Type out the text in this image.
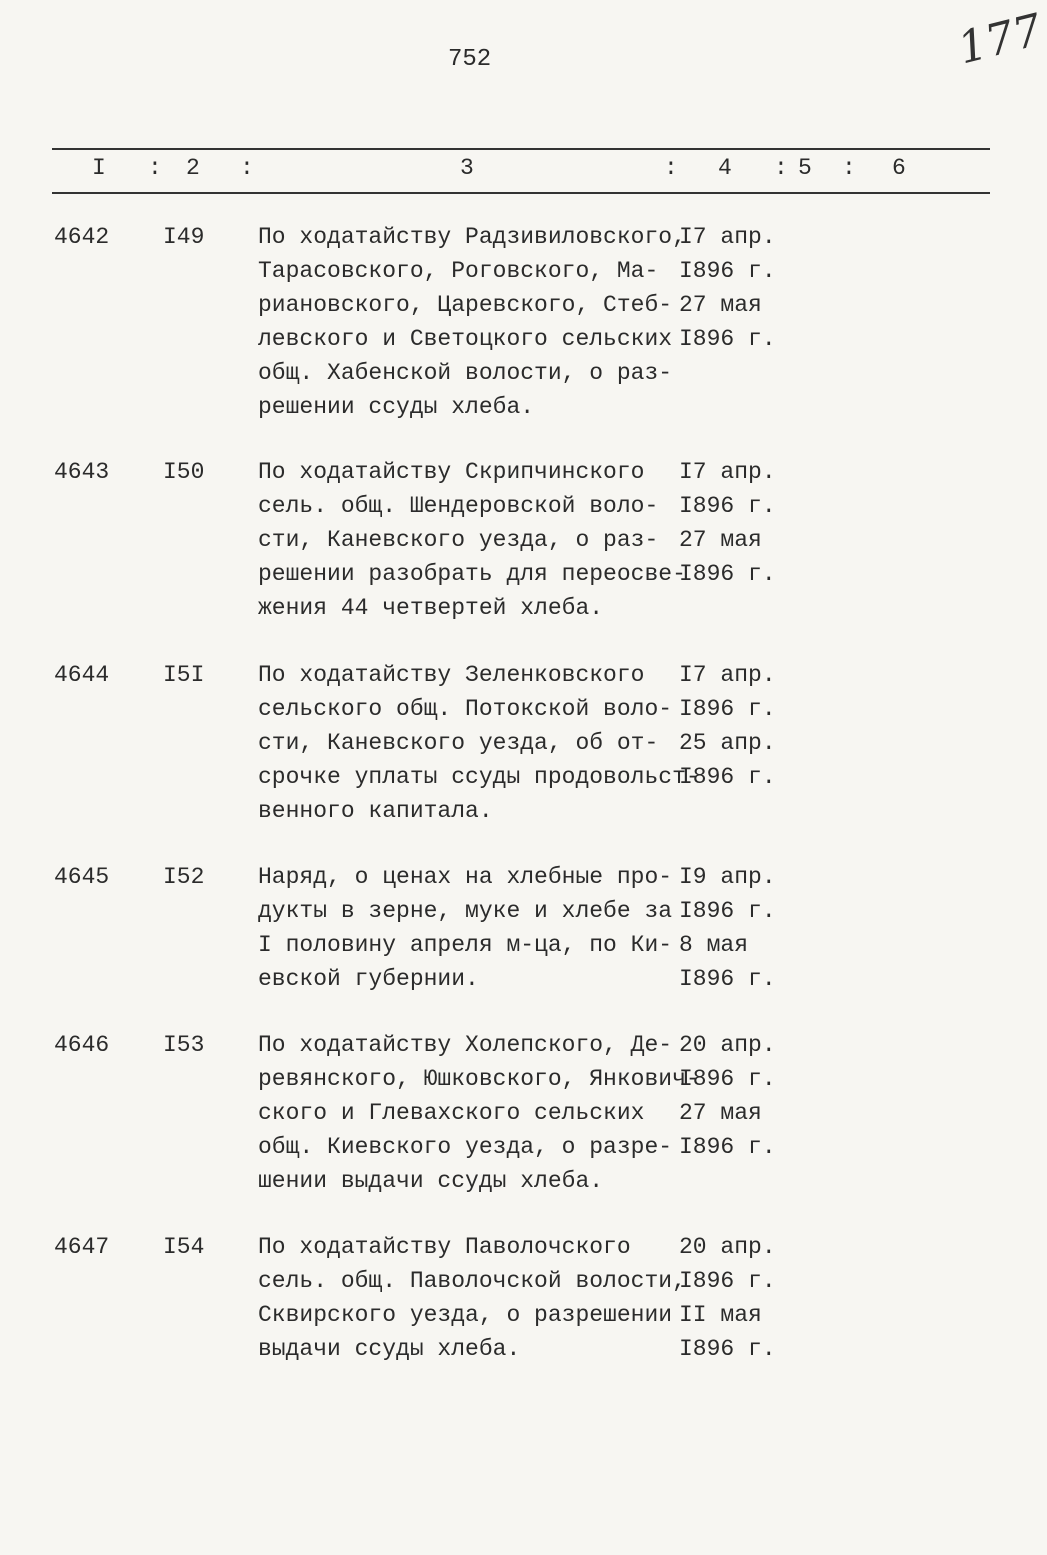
752	177
I : 2 :	3	: 4 : 5 : 6
4642 I49 По ходатайству Радзивиловского,
Тарасовского, Роговского, Ма-
риановского, Царевского, Стеб-
левского и Светоцкого сельских
общ. Хабенской волости, о раз-
решении ссуды хлеба.
I7 апр.
I896 г.
27 мая
I896 г.
4643 I50 По ходатайству Скрипчинского
сель. общ. Шендеровской воло-
сти, Каневского уезда, о раз-
решении разобрать для переосве-
жения 44 четвертей хлеба.
I7 апр.
I896 г.
27 мая
I896 г.
4644 I5I По ходатайству Зеленковского
сельского общ. Потокской воло-
сти, Каневского уезда, об от-
срочке уплаты ссуды продовольст-
венного капитала.
I7 апр.
I896 г.
25 апр.
I896 г.
4645 I52 Наряд, о ценах на хлебные про-
дукты в зерне, муке и хлебе за
I половину апреля м-ца, по Ки-
евской губернии.
I9 апр.
I896 г.
8 мая
I896 г.
4646 I53 По ходатайству Холепского, Де-
ревянского, Юшковского, Янкович-
ского и Глевахского сельских
общ. Киевского уезда, о разре-
шении выдачи ссуды хлеба.
20 апр.
I896 г.
27 мая
I896 г.
4647 I54 По ходатайству Паволочского
сель. общ. Паволочской волости,
Сквирского уезда, о разрешении
выдачи ссуды хлеба.
20 апр.
I896 г.
II мая
I896 г.
